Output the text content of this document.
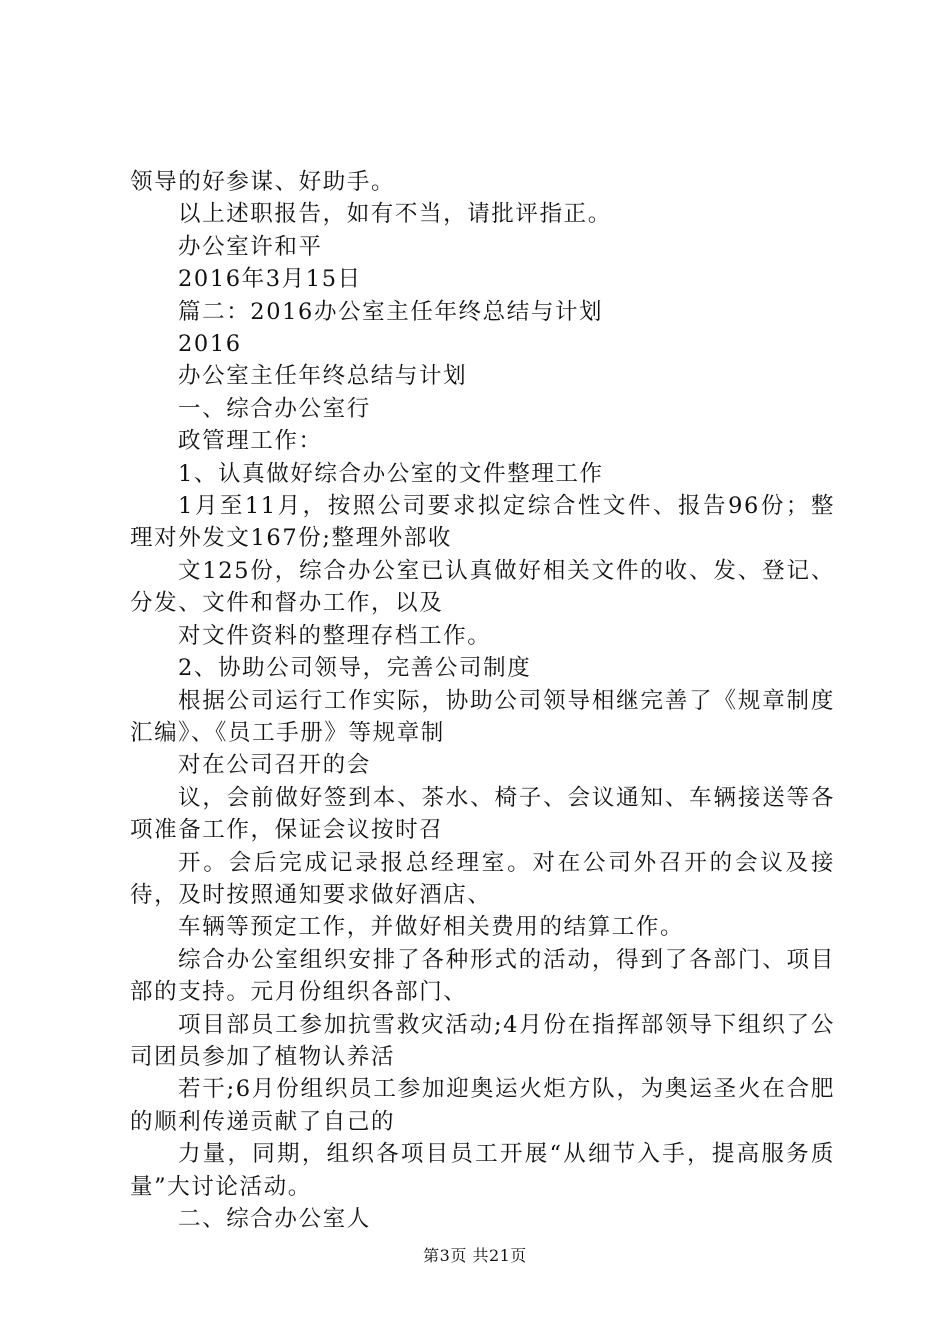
领导的好参谋、好助手。

以上述职报告，如有不当，请批评指正。

办公室许和平

2016年3月15日

篇二：2016办公室主任年终总结与计划

2016

办公室主任年终总结与计划

一、综合办公室行

政管理工作：

1、认真做好综合办公室的文件整理工作

1月至11月，按照公司要求拟定综合性文件、报告96份；整理对外发文167份;整理外部收

文125份，综合办公室已认真做好相关文件的收、发、登记、分发、文件和督办工作，以及

对文件资料的整理存档工作。

2、协助公司领导，完善公司制度

根据公司运行工作实际，协助公司领导相继完善了《规章制度汇编》、《员工手册》等规章制

对在公司召开的会

议，会前做好签到本、茶水、椅子、会议通知、车辆接送等各项准备工作，保证会议按时召

开。会后完成记录报总经理室。对在公司外召开的会议及接待，及时按照通知要求做好酒店、

车辆等预定工作，并做好相关费用的结算工作。

综合办公室组织安排了各种形式的活动，得到了各部门、项目部的支持。元月份组织各部门、

项目部员工参加抗雪救灾活动;4月份在指挥部领导下组织了公司团员参加了植物认养活

若干;6月份组织员工参加迎奥运火炬方队，为奥运圣火在合肥的顺利传递贡献了自己的

力量，同期，组织各项目员工开展“从细节入手，提高服务质量”大讨论活动。

二、综合办公室人

第3页 共21页
